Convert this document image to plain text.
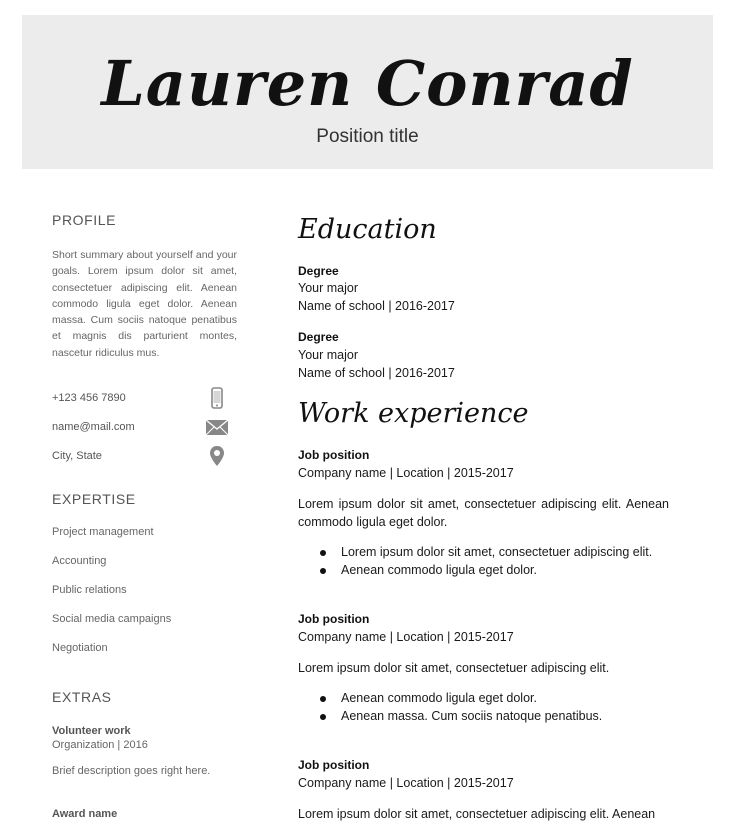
Lauren Conrad
Position title
PROFILE
Short summary about yourself and your goals. Lorem ipsum dolor sit amet, consectetuer adipiscing elit. Aenean commodo ligula eget dolor. Aenean massa. Cum sociis natoque penatibus et magnis dis parturient montes, nascetur ridiculus mus.
+123 456 7890
name@mail.com
City, State
EXPERTISE
Project management
Accounting
Public relations
Social media campaigns
Negotiation
EXTRAS
Volunteer work
Organization | 2016
Brief description goes right here.
Award name
Education
Degree
Your major
Name of school | 2016-2017
Degree
Your major
Name of school | 2016-2017
Work experience
Job position
Company name | Location | 2015-2017
Lorem ipsum dolor sit amet, consectetuer adipiscing elit. Aenean commodo ligula eget dolor.
Lorem ipsum dolor sit amet, consectetuer adipiscing elit.
Aenean commodo ligula eget dolor.
Job position
Company name | Location | 2015-2017
Lorem ipsum dolor sit amet, consectetuer adipiscing elit.
Aenean commodo ligula eget dolor.
Aenean massa. Cum sociis natoque penatibus.
Job position
Company name | Location | 2015-2017
Lorem ipsum dolor sit amet, consectetuer adipiscing elit. Aenean
